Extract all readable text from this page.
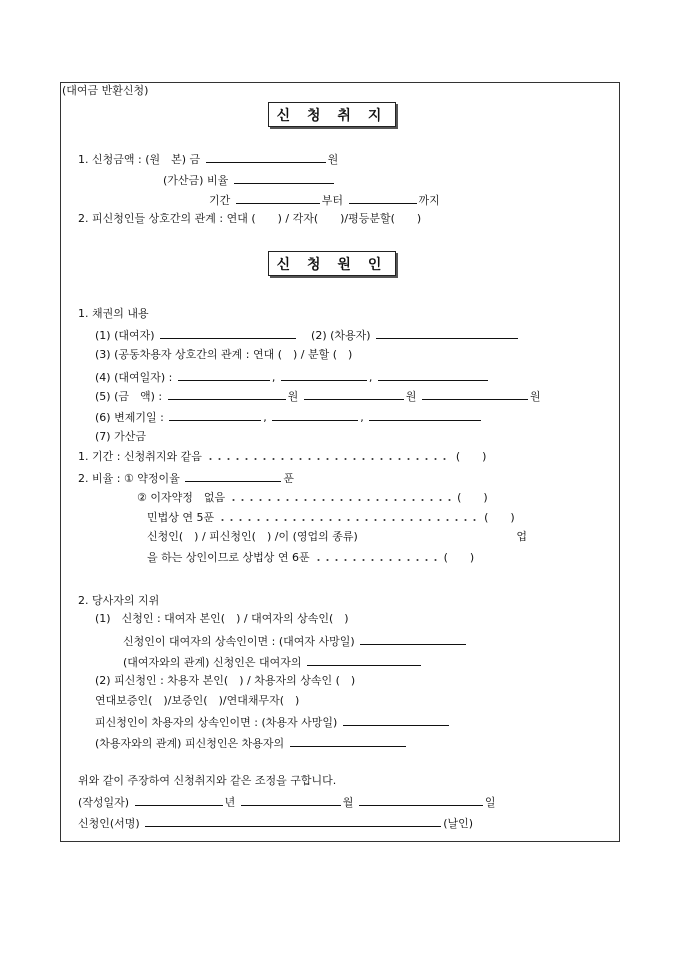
(대여금 반환신청)
신 청 취 지
1. 신청금액 : (원　본) 금	원
(가산금) 비율
기간	부터	까지
2. 피신청인들 상호간의 관계 : 연대 (　　) / 각자(　　)/평등분할(　　)
신 청 원 인
1. 채권의 내용
(1) (대여자)	(2) (차용자)
(3) (공동차용자 상호간의 관계 : 연대 (　) / 분할 (　)
(4) (대여일자) :	,	,
(5) (금　액) :	원	원	원
(6) 변제기일 :	,	,
(7) 가산금
1. 기간 : 신청취지와 같음	(　　)
2. 비율 : ① 약정이율	푼
② 이자약정　없음	(　　)
민법상 연 5푼	(　　)
신청인(　) / 피신청인(　) /이 (영업의 종류)	업
을 하는 상인이므로 상법상 연 6푼	(　　)
2. 당사자의 지위
(1)　신청인 : 대여자 본인(　) / 대여자의 상속인(　)
신청인이 대여자의 상속인이면 : (대여자 사망일)
(대여자와의 관계) 신청인은 대여자의
(2) 피신청인 : 차용자 본인(　) / 차용자의 상속인 (　)
연대보증인(　)/보증인(　)/연대채무자(　)
피신청인이 차용자의 상속인이면 : (차용자 사망일)
(차용자와의 관계) 피신청인은 차용자의
위와 같이 주장하여 신청취지와 같은 조정을 구합니다.
(작성일자)	년	월	일
신청인(서명)	(날인)
